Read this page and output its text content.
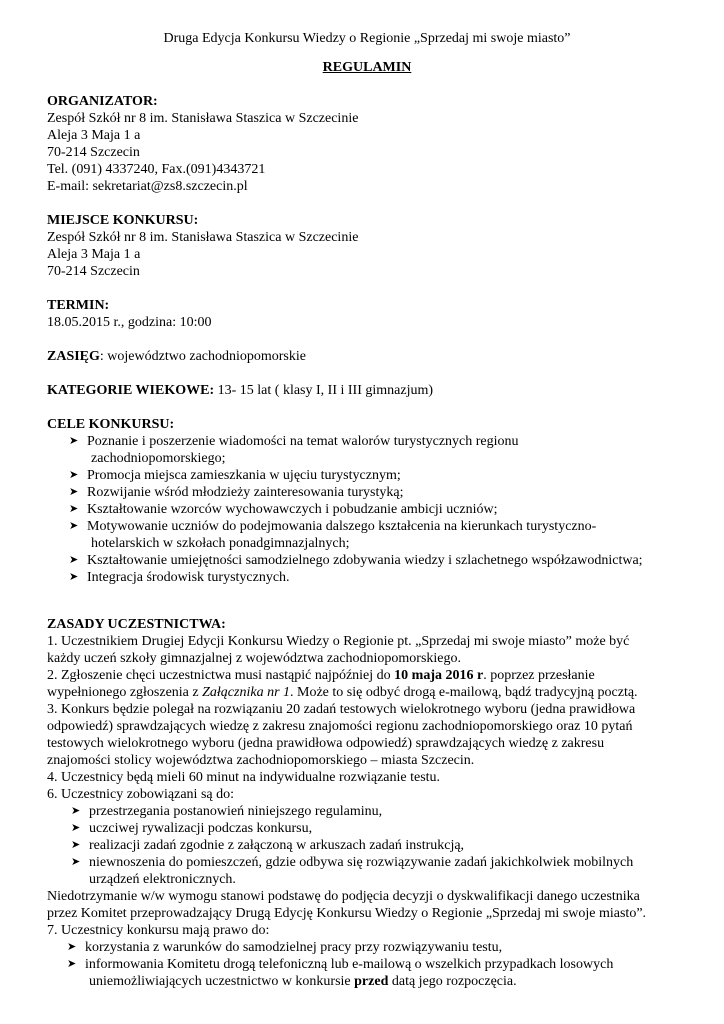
Druga Edycja Konkursu Wiedzy o Regionie „Sprzedaj mi swoje miasto”
REGULAMIN
ORGANIZATOR:
Zespół Szkół nr 8 im. Stanisława Staszica w Szczecinie
Aleja 3 Maja 1 a
70-214 Szczecin
Tel. (091) 4337240, Fax.(091)4343721
E-mail: sekretariat@zs8.szczecin.pl
MIEJSCE KONKURSU:
Zespół Szkół nr 8 im. Stanisława Staszica w Szczecinie
Aleja 3 Maja 1 a
70-214 Szczecin
TERMIN:
18.05.2015 r., godzina: 10:00
ZASIĘG: województwo zachodniopomorskie
KATEGORIE WIEKOWE: 13- 15 lat ( klasy I, II i III gimnazjum)
CELE KONKURSU:
➤ Poznanie i poszerzenie wiadomości na temat walorów turystycznych regionu
zachodniopomorskiego;
➤ Promocja miejsca zamieszkania w ujęciu turystycznym;
➤ Rozwijanie wśród młodzieży zainteresowania turystyką;
➤ Kształtowanie wzorców wychowawczych i pobudzanie ambicji uczniów;
➤ Motywowanie uczniów do podejmowania dalszego kształcenia na kierunkach turystyczno-
hotelarskich w szkołach ponadgimnazjalnych;
➤ Kształtowanie umiejętności samodzielnego zdobywania wiedzy i szlachetnego współzawodnictwa;
➤ Integracja środowisk turystycznych.
ZASADY UCZESTNICTWA:
1. Uczestnikiem Drugiej Edycji Konkursu Wiedzy o Regionie pt. „Sprzedaj mi swoje miasto” może być
każdy uczeń szkoły gimnazjalnej z województwa zachodniopomorskiego.
2. Zgłoszenie chęci uczestnictwa musi nastąpić najpóźniej do 10 maja 2016 r. poprzez przesłanie
wypełnionego zgłoszenia z Załącznika nr 1. Może to się odbyć drogą e-mailową, bądź tradycyjną pocztą.
3. Konkurs będzie polegał na rozwiązaniu 20 zadań testowych wielokrotnego wyboru (jedna prawidłowa
odpowiedź) sprawdzających wiedzę z zakresu znajomości regionu zachodniopomorskiego oraz 10 pytań
testowych wielokrotnego wyboru (jedna prawidłowa odpowiedź) sprawdzających wiedzę z zakresu
znajomości stolicy województwa zachodniopomorskiego – miasta Szczecin.
4. Uczestnicy będą mieli 60 minut na indywidualne rozwiązanie testu.
6. Uczestnicy zobowiązani są do:
➤ przestrzegania postanowień niniejszego regulaminu,
➤ uczciwej rywalizacji podczas konkursu,
➤ realizacji zadań zgodnie z załączoną w arkuszach zadań instrukcją,
➤ niewnoszenia do pomieszczeń, gdzie odbywa się rozwiązywanie zadań jakichkolwiek mobilnych
urządzeń elektronicznych.
Niedotrzymanie w/w wymogu stanowi podstawę do podjęcia decyzji o dyskwalifikacji danego uczestnika
przez Komitet przeprowadzający Drugą Edycję Konkursu Wiedzy o Regionie „Sprzedaj mi swoje miasto”.
7. Uczestnicy konkursu mają prawo do:
➤ korzystania z warunków do samodzielnej pracy przy rozwiązywaniu testu,
➤ informowania Komitetu drogą telefoniczną lub e-mailową o wszelkich przypadkach losowych
uniemożliwiających uczestnictwo w konkursie przed datą jego rozpoczęcia.
